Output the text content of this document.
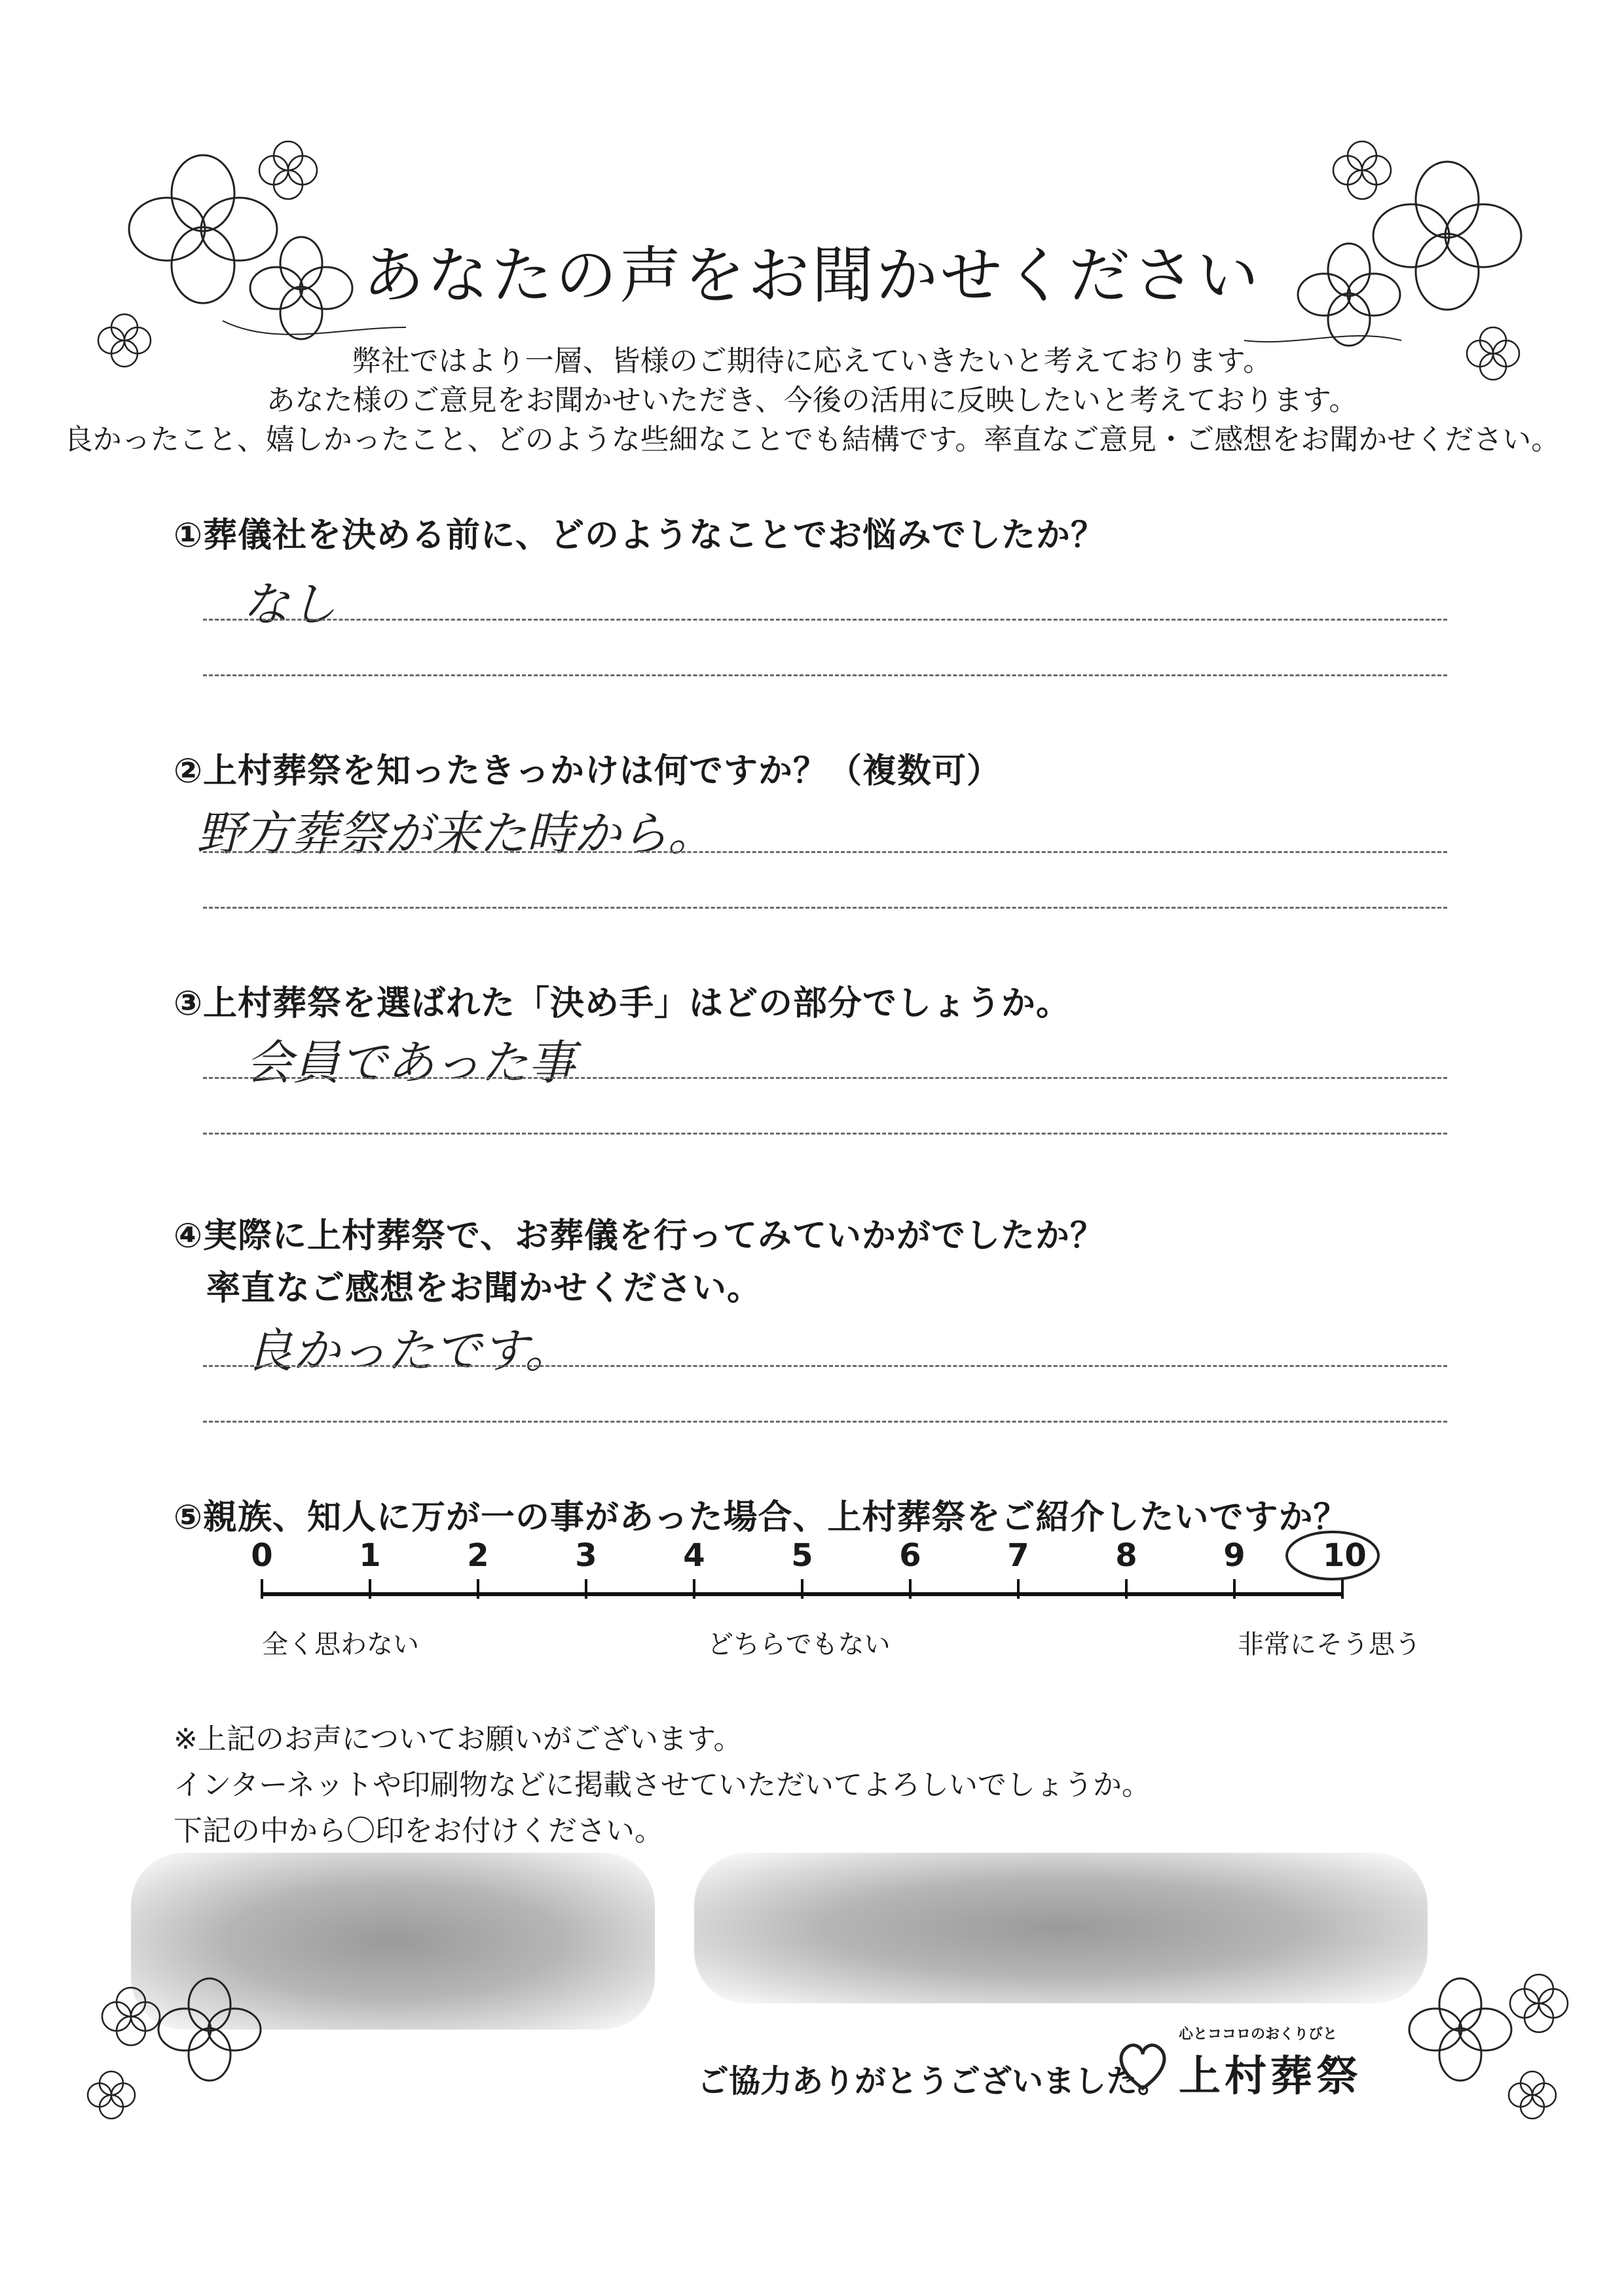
あなたの声をお聞かせください
弊社ではより一層、皆様のご期待に応えていきたいと考えております。
あなた様のご意見をお聞かせいただき、今後の活用に反映したいと考えております。
良かったこと、嬉しかったこと、どのような些細なことでも結構です。率直なご意見・ご感想をお聞かせください。
①葬儀社を決める前に、どのようなことでお悩みでしたか？
なし
②上村葬祭を知ったきっかけは何ですか？（複数可）
野方葬祭が来た時から。
③上村葬祭を選ばれた「決め手」はどの部分でしょうか。
会員であった事
④実際に上村葬祭で、お葬儀を行ってみていかがでしたか？
率直なご感想をお聞かせください。
良かったです。
⑤親族、知人に万が一の事があった場合、上村葬祭をご紹介したいですか？
0	1	2	3	4	5	6	7	8	9 10
全く思わない	どちらでもない	非常にそう思う
※上記のお声についてお願いがございます。
インターネットや印刷物などに掲載させていただいてよろしいでしょうか。
下記の中から〇印をお付けください。
ご協力ありがとうございました。
心とココロのおくりびと
上村葬祭
